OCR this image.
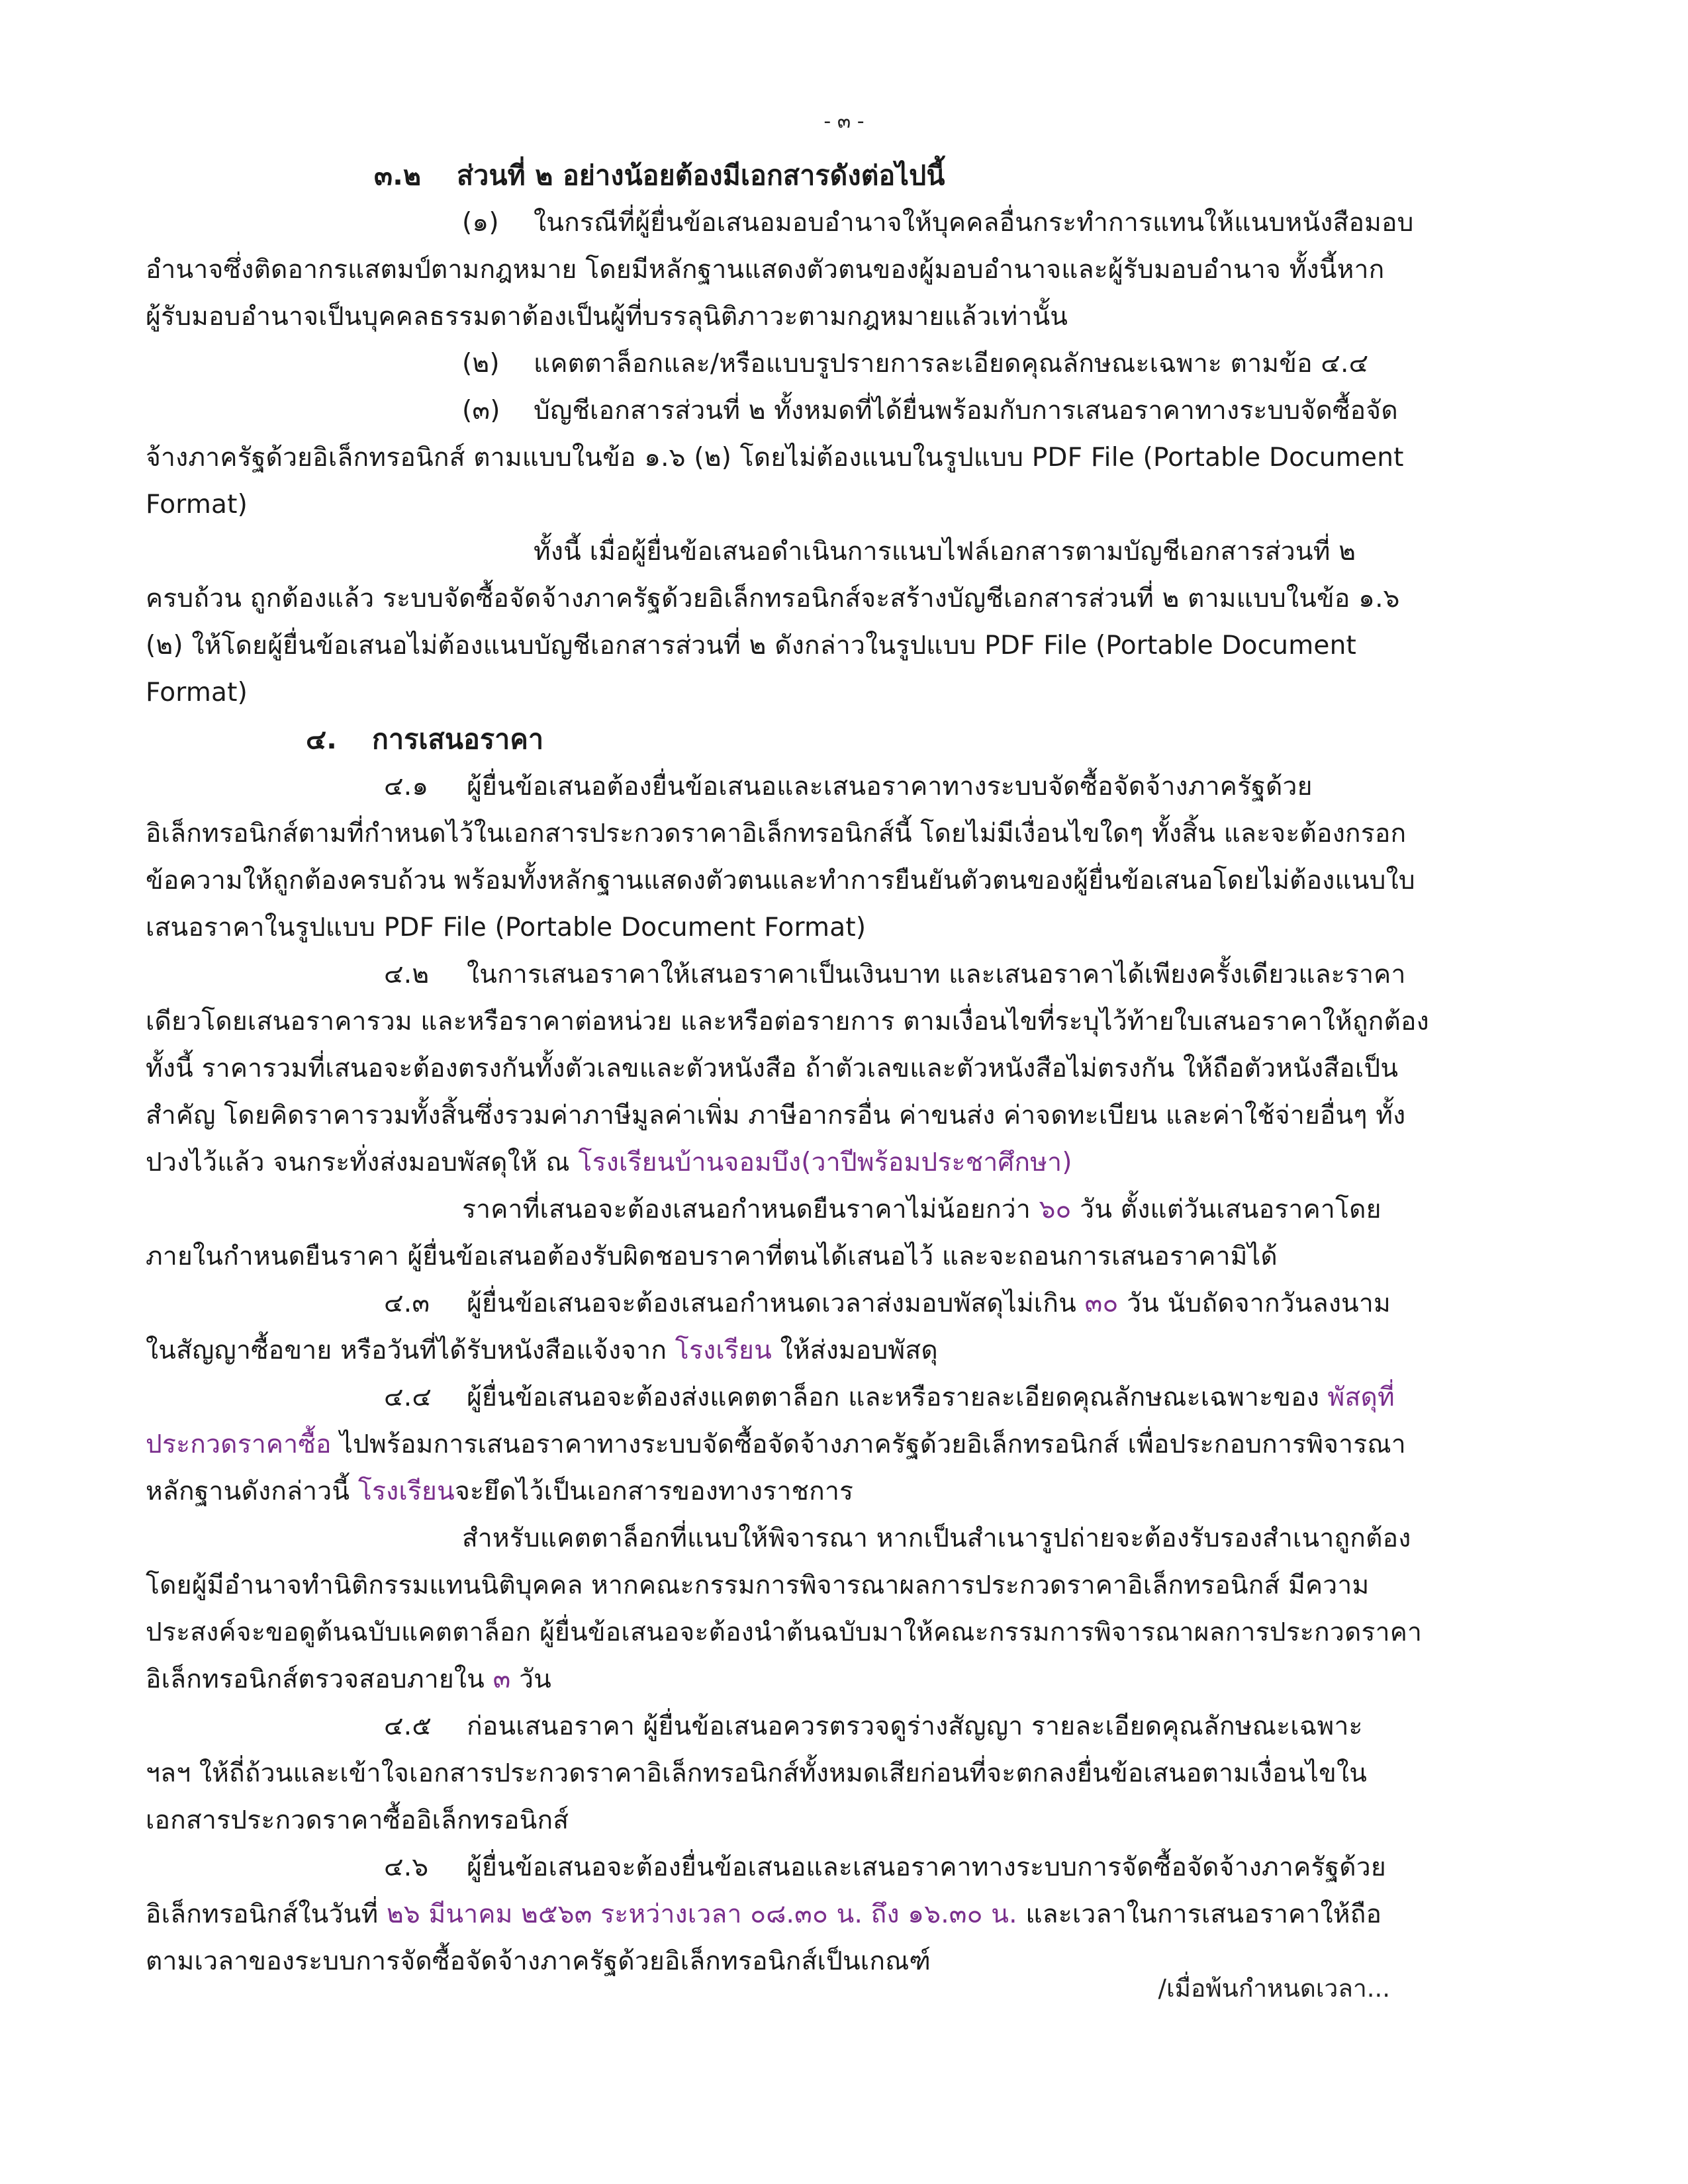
- ๓ -
๓.๒ ส่วนที่ ๒ อย่างน้อยต้องมีเอกสารดังต่อไปนี้
(๑) ในกรณีที่ผู้ยื่นข้อเสนอมอบอำนาจให้บุคคลอื่นกระทำการแทนให้แนบหนังสือมอบ
อำนาจซึ่งติดอากรแสตมป์ตามกฎหมาย โดยมีหลักฐานแสดงตัวตนของผู้มอบอำนาจและผู้รับมอบอำนาจ ทั้งนี้หาก
ผู้รับมอบอำนาจเป็นบุคคลธรรมดาต้องเป็นผู้ที่บรรลุนิติภาวะตามกฎหมายแล้วเท่านั้น
(๒) แคตตาล็อกและ/หรือแบบรูปรายการละเอียดคุณลักษณะเฉพาะ ตามข้อ ๔.๔
(๓) บัญชีเอกสารส่วนที่ ๒ ทั้งหมดที่ได้ยื่นพร้อมกับการเสนอราคาทางระบบจัดซื้อจัด
จ้างภาครัฐด้วยอิเล็กทรอนิกส์ ตามแบบในข้อ ๑.๖ (๒) โดยไม่ต้องแนบในรูปแบบ PDF File (Portable Document
Format)
ทั้งนี้ เมื่อผู้ยื่นข้อเสนอดำเนินการแนบไฟล์เอกสารตามบัญชีเอกสารส่วนที่ ๒
ครบถ้วน ถูกต้องแล้ว ระบบจัดซื้อจัดจ้างภาครัฐด้วยอิเล็กทรอนิกส์จะสร้างบัญชีเอกสารส่วนที่ ๒ ตามแบบในข้อ ๑.๖
(๒) ให้โดยผู้ยื่นข้อเสนอไม่ต้องแนบบัญชีเอกสารส่วนที่ ๒ ดังกล่าวในรูปแบบ PDF File (Portable Document
Format)
๔. การเสนอราคา
๔.๑ ผู้ยื่นข้อเสนอต้องยื่นข้อเสนอและเสนอราคาทางระบบจัดซื้อจัดจ้างภาครัฐด้วย
อิเล็กทรอนิกส์ตามที่กำหนดไว้ในเอกสารประกวดราคาอิเล็กทรอนิกส์นี้ โดยไม่มีเงื่อนไขใดๆ ทั้งสิ้น และจะต้องกรอก
ข้อความให้ถูกต้องครบถ้วน พร้อมทั้งหลักฐานแสดงตัวตนและทำการยืนยันตัวตนของผู้ยื่นข้อเสนอโดยไม่ต้องแนบใบ
เสนอราคาในรูปแบบ PDF File (Portable Document Format)
๔.๒ ในการเสนอราคาให้เสนอราคาเป็นเงินบาท และเสนอราคาได้เพียงครั้งเดียวและราคา
เดียวโดยเสนอราคารวม และหรือราคาต่อหน่วย และหรือต่อรายการ ตามเงื่อนไขที่ระบุไว้ท้ายใบเสนอราคาให้ถูกต้อง
ทั้งนี้ ราคารวมที่เสนอจะต้องตรงกันทั้งตัวเลขและตัวหนังสือ ถ้าตัวเลขและตัวหนังสือไม่ตรงกัน ให้ถือตัวหนังสือเป็น
สำคัญ โดยคิดราคารวมทั้งสิ้นซึ่งรวมค่าภาษีมูลค่าเพิ่ม ภาษีอากรอื่น ค่าขนส่ง ค่าจดทะเบียน และค่าใช้จ่ายอื่นๆ ทั้ง
ปวงไว้แล้ว จนกระทั่งส่งมอบพัสดุให้ ณ โรงเรียนบ้านจอมบึง(วาปีพร้อมประชาศึกษา)
ราคาที่เสนอจะต้องเสนอกำหนดยืนราคาไม่น้อยกว่า ๖๐ วัน ตั้งแต่วันเสนอราคาโดย
ภายในกำหนดยืนราคา ผู้ยื่นข้อเสนอต้องรับผิดชอบราคาที่ตนได้เสนอไว้ และจะถอนการเสนอราคามิได้
๔.๓ ผู้ยื่นข้อเสนอจะต้องเสนอกำหนดเวลาส่งมอบพัสดุไม่เกิน ๓๐ วัน นับถัดจากวันลงนาม
ในสัญญาซื้อขาย หรือวันที่ได้รับหนังสือแจ้งจาก โรงเรียน ให้ส่งมอบพัสดุ
๔.๔ ผู้ยื่นข้อเสนอจะต้องส่งแคตตาล็อก และหรือรายละเอียดคุณลักษณะเฉพาะของ พัสดุที่
ประกวดราคาซื้อ ไปพร้อมการเสนอราคาทางระบบจัดซื้อจัดจ้างภาครัฐด้วยอิเล็กทรอนิกส์ เพื่อประกอบการพิจารณา
หลักฐานดังกล่าวนี้ โรงเรียนจะยึดไว้เป็นเอกสารของทางราชการ
สำหรับแคตตาล็อกที่แนบให้พิจารณา หากเป็นสำเนารูปถ่ายจะต้องรับรองสำเนาถูกต้อง
โดยผู้มีอำนาจทำนิติกรรมแทนนิติบุคคล หากคณะกรรมการพิจารณาผลการประกวดราคาอิเล็กทรอนิกส์ มีความ
ประสงค์จะขอดูต้นฉบับแคตตาล็อก ผู้ยื่นข้อเสนอจะต้องนำต้นฉบับมาให้คณะกรรมการพิจารณาผลการประกวดราคา
อิเล็กทรอนิกส์ตรวจสอบภายใน ๓ วัน
๔.๕ ก่อนเสนอราคา ผู้ยื่นข้อเสนอควรตรวจดูร่างสัญญา รายละเอียดคุณลักษณะเฉพาะ
ฯลฯ ให้ถี่ถ้วนและเข้าใจเอกสารประกวดราคาอิเล็กทรอนิกส์ทั้งหมดเสียก่อนที่จะตกลงยื่นข้อเสนอตามเงื่อนไขใน
เอกสารประกวดราคาซื้ออิเล็กทรอนิกส์
๔.๖ ผู้ยื่นข้อเสนอจะต้องยื่นข้อเสนอและเสนอราคาทางระบบการจัดซื้อจัดจ้างภาครัฐด้วย
อิเล็กทรอนิกส์ในวันที่ ๒๖ มีนาคม ๒๕๖๓ ระหว่างเวลา ๐๘.๓๐ น. ถึง ๑๖.๓๐ น. และเวลาในการเสนอราคาให้ถือ
ตามเวลาของระบบการจัดซื้อจัดจ้างภาครัฐด้วยอิเล็กทรอนิกส์เป็นเกณฑ์
/เมื่อพ้นกำหนดเวลา...
